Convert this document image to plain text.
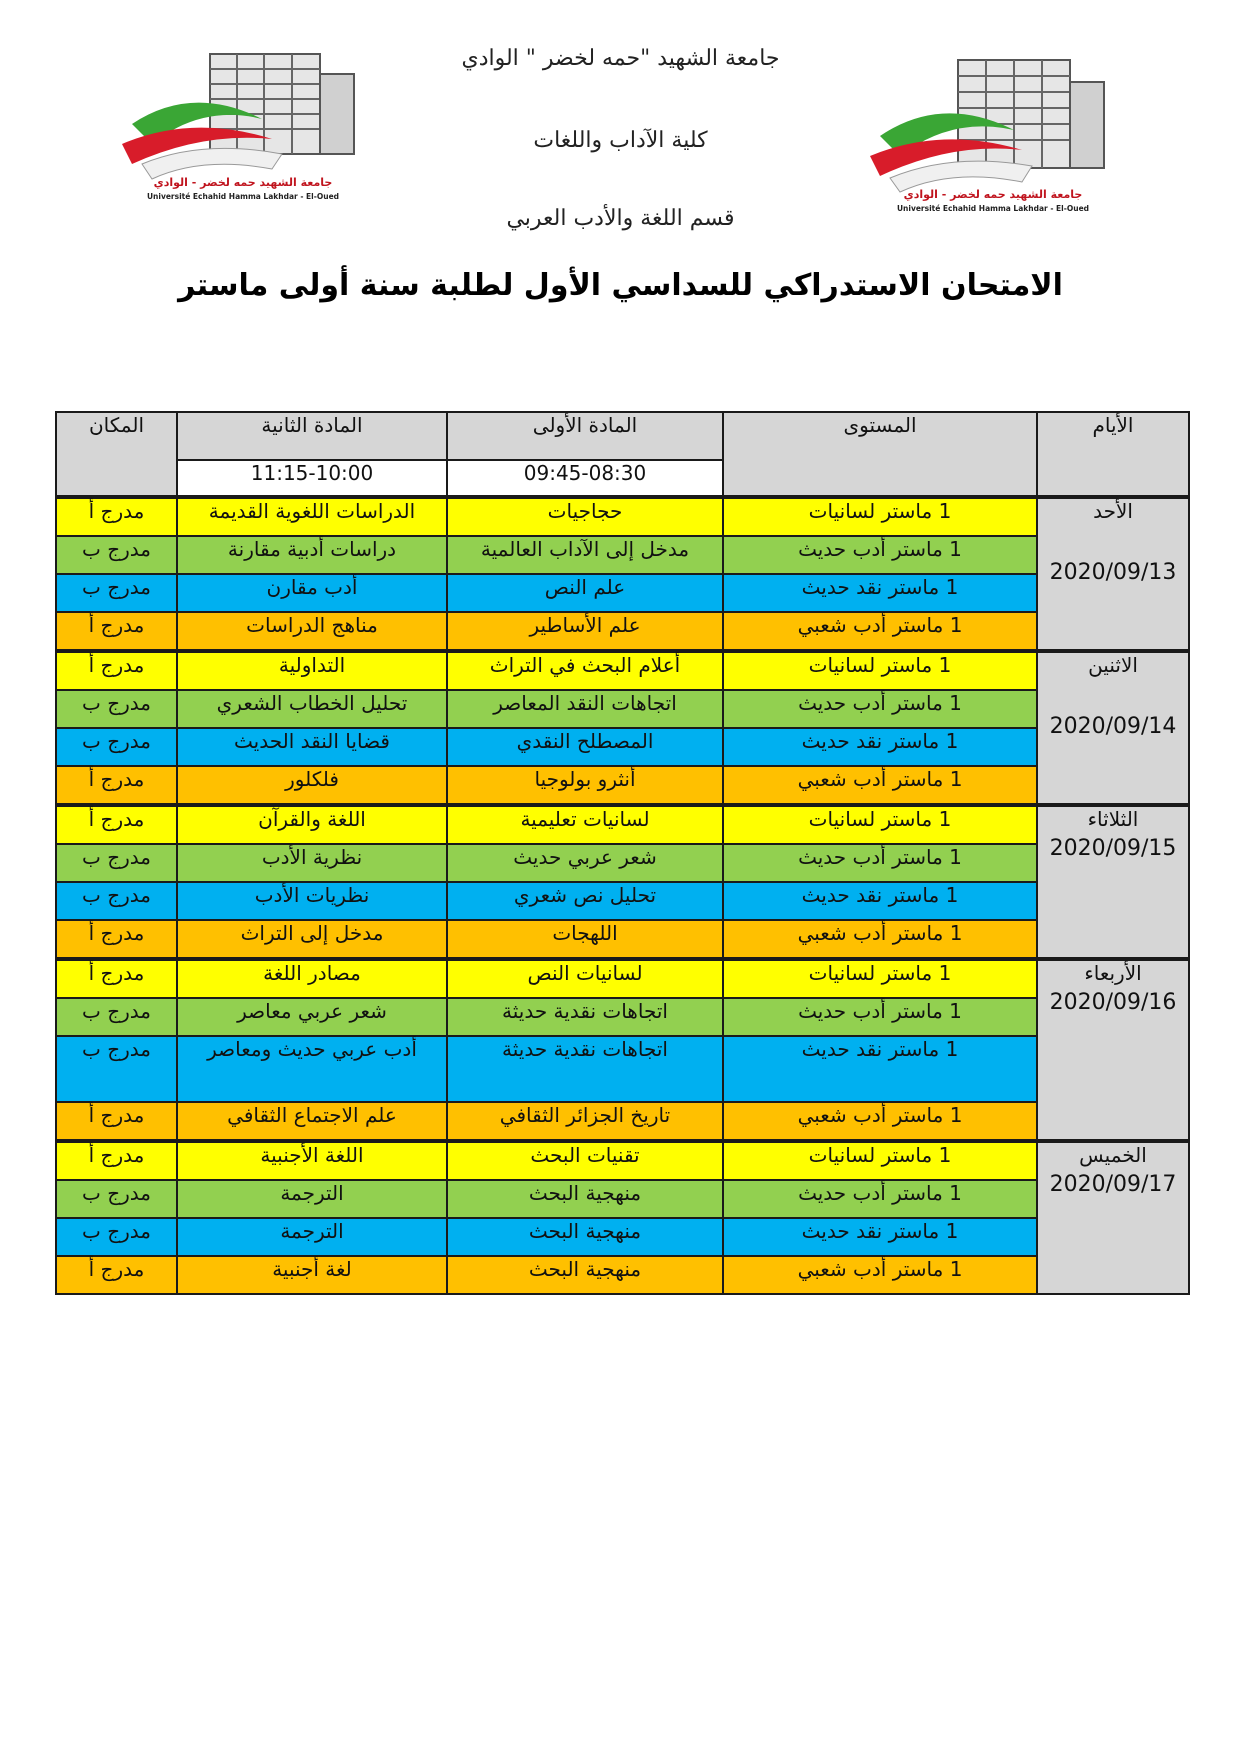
جامعة الشهيد "حمه لخضر " الوادي
كلية الآداب واللغات
قسم اللغة والأدب العربي
الامتحان الاستدراكي للسداسي الأول لطلبة سنة أولى ماستر
جامعة الشهيد حمه لخضر - الوادي
Université Echahid Hamma Lakhdar - El-Oued	جامعة الشهيد حمه لخضر - الوادي
Université Echahid Hamma Lakhdar - El-Oued
الأيام	المستوى	المادة الأولى	المادة الثانية	المكان
		09:45-08:30	11:15-10:00	

الأحد
2020/09/13	1 ماستر لسانيات	حجاجيات	الدراسات اللغوية القديمة	مدرج أ
	1 ماستر أدب حديث	مدخل إلى الآداب العالمية	دراسات أدبية مقارنة	مدرج ب
	1 ماستر نقد حديث	علم النص	أدب مقارن	مدرج ب
	1 ماستر أدب شعبي	علم الأساطير	مناهج الدراسات	مدرج أ

الاثنين
2020/09/14	1 ماستر لسانيات	أعلام البحث في التراث	التداولية	مدرج أ
	1 ماستر أدب حديث	اتجاهات النقد المعاصر	تحليل الخطاب الشعري	مدرج ب
	1 ماستر نقد حديث	المصطلح النقدي	قضايا النقد الحديث	مدرج ب
	1 ماستر أدب شعبي	أنثرو بولوجيا	فلكلور	مدرج أ

الثلاثاء
2020/09/15	1 ماستر لسانيات	لسانيات تعليمية	اللغة والقرآن	مدرج أ
	1 ماستر أدب حديث	شعر عربي حديث	نظرية الأدب	مدرج ب
	1 ماستر نقد حديث	تحليل نص شعري	نظريات الأدب	مدرج ب
	1 ماستر أدب شعبي	اللهجات	مدخل إلى التراث	مدرج أ

الأربعاء
2020/09/16	1 ماستر لسانيات	لسانيات النص	مصادر اللغة	مدرج أ
	1 ماستر أدب حديث	اتجاهات نقدية حديثة	شعر عربي معاصر	مدرج ب
	1 ماستر نقد حديث	اتجاهات نقدية حديثة	أدب عربي حديث ومعاصر	مدرج ب
	1 ماستر أدب شعبي	تاريخ الجزائر الثقافي	علم الاجتماع الثقافي	مدرج أ

الخميس
2020/09/17	1 ماستر لسانيات	تقنيات البحث	اللغة الأجنبية	مدرج أ
	1 ماستر أدب حديث	منهجية البحث	الترجمة	مدرج ب
	1 ماستر نقد حديث	منهجية البحث	الترجمة	مدرج ب
	1 ماستر أدب شعبي	منهجية البحث	لغة أجنبية	مدرج أ
